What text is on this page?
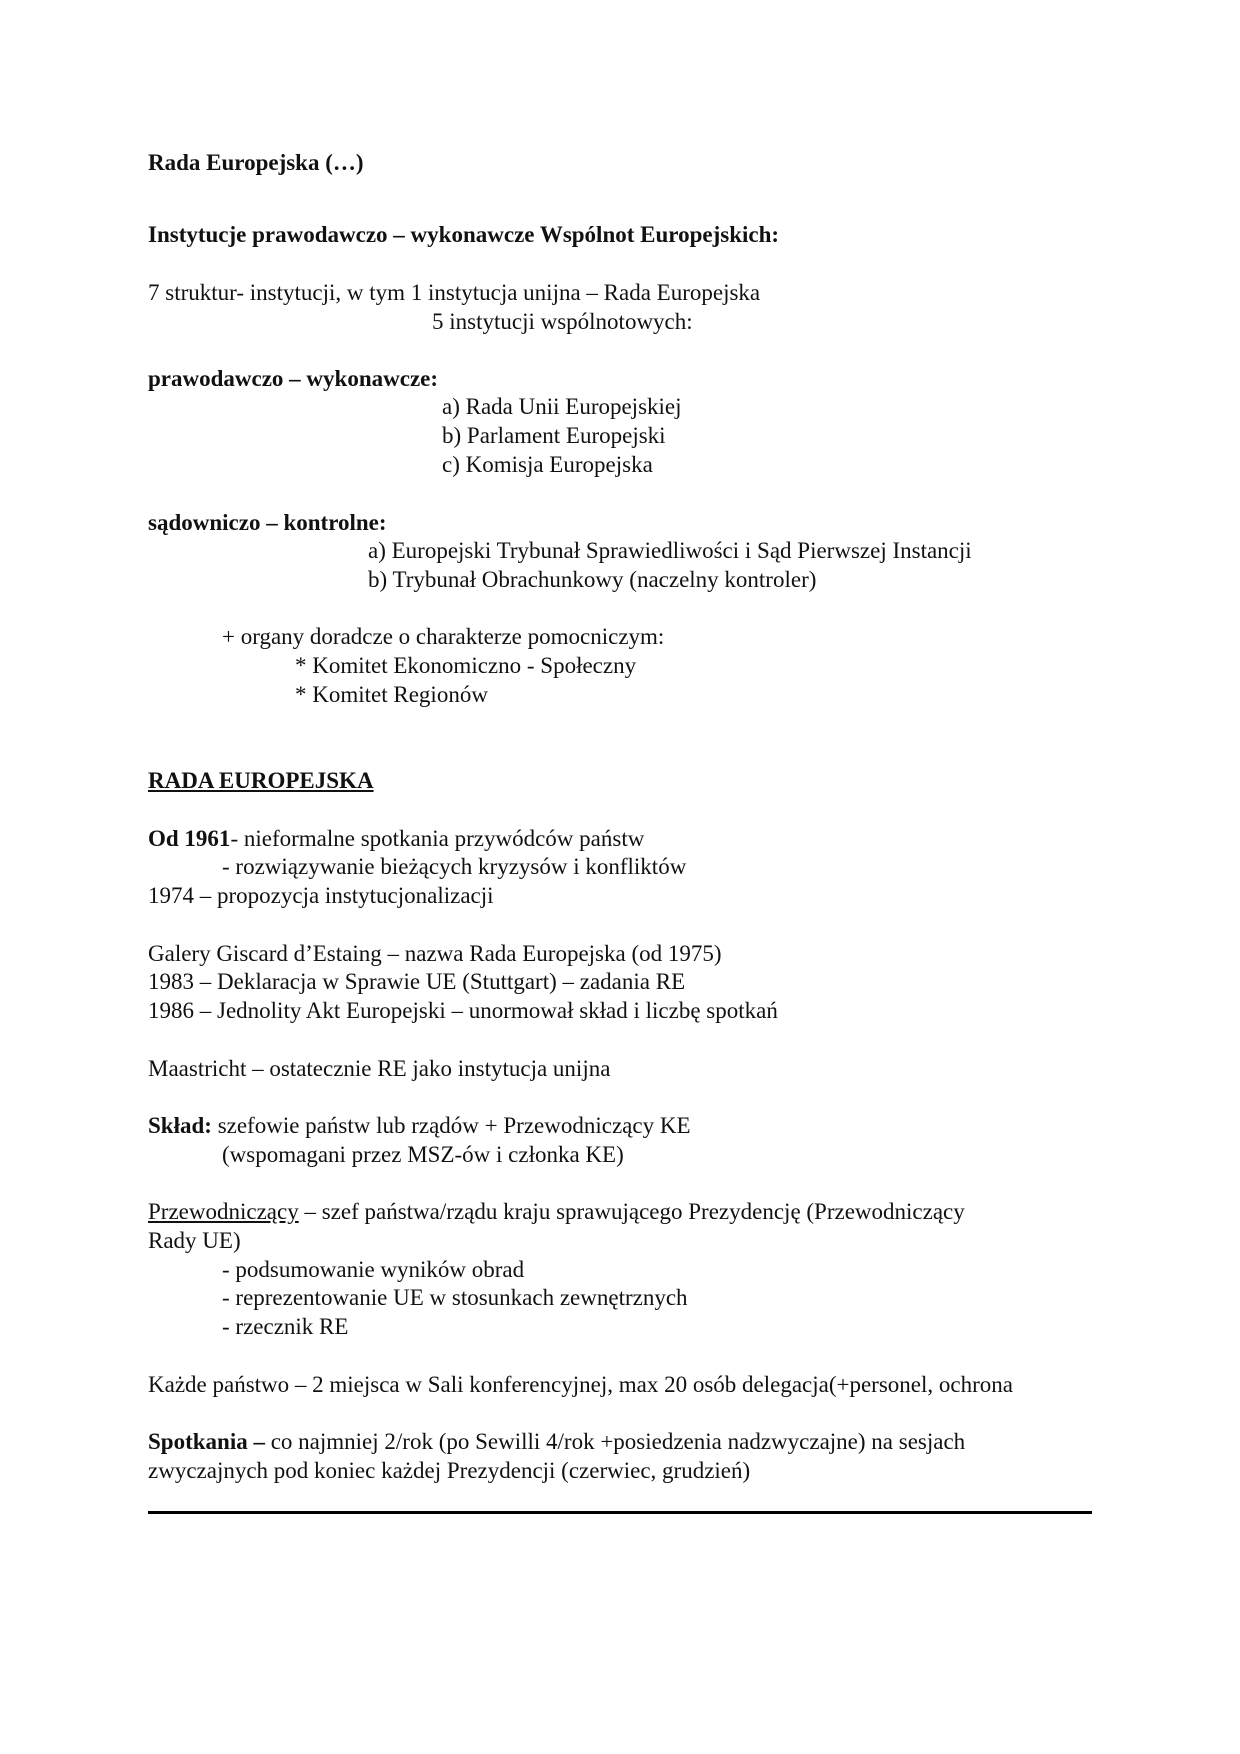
Rada Europejska (…)
Instytucje prawodawczo – wykonawcze Wspólnot Europejskich:
7 struktur- instytucji, w tym 1 instytucja unijna – Rada Europejska
5 instytucji wspólnotowych:
prawodawczo – wykonawcze:
a) Rada Unii Europejskiej
b) Parlament Europejski
c) Komisja Europejska
sądowniczo – kontrolne:
a) Europejski Trybunał Sprawiedliwości i Sąd Pierwszej Instancji
b) Trybunał Obrachunkowy (naczelny kontroler)
+ organy doradcze o charakterze pomocniczym:
* Komitet Ekonomiczno - Społeczny
* Komitet Regionów
RADA EUROPEJSKA
Od 1961- nieformalne spotkania przywódców państw
- rozwiązywanie bieżących kryzysów i konfliktów
1974 – propozycja instytucjonalizacji
Galery Giscard d’Estaing – nazwa Rada Europejska (od 1975)
1983 – Deklaracja w Sprawie UE (Stuttgart) – zadania RE
1986 – Jednolity Akt Europejski – unormował skład i liczbę spotkań
Maastricht – ostatecznie RE jako instytucja unijna
Skład: szefowie państw lub rządów + Przewodniczący KE
(wspomagani przez MSZ-ów i członka KE)
Przewodniczący – szef państwa/rządu kraju sprawującego Prezydencję (Przewodniczący
Rady UE)
- podsumowanie wyników obrad
- reprezentowanie UE w stosunkach zewnętrznych
- rzecznik RE
Każde państwo – 2 miejsca w Sali konferencyjnej, max 20 osób delegacja(+personel, ochrona
Spotkania – co najmniej 2/rok (po Sewilli 4/rok +posiedzenia nadzwyczajne) na sesjach
zwyczajnych pod koniec każdej Prezydencji (czerwiec, grudzień)
